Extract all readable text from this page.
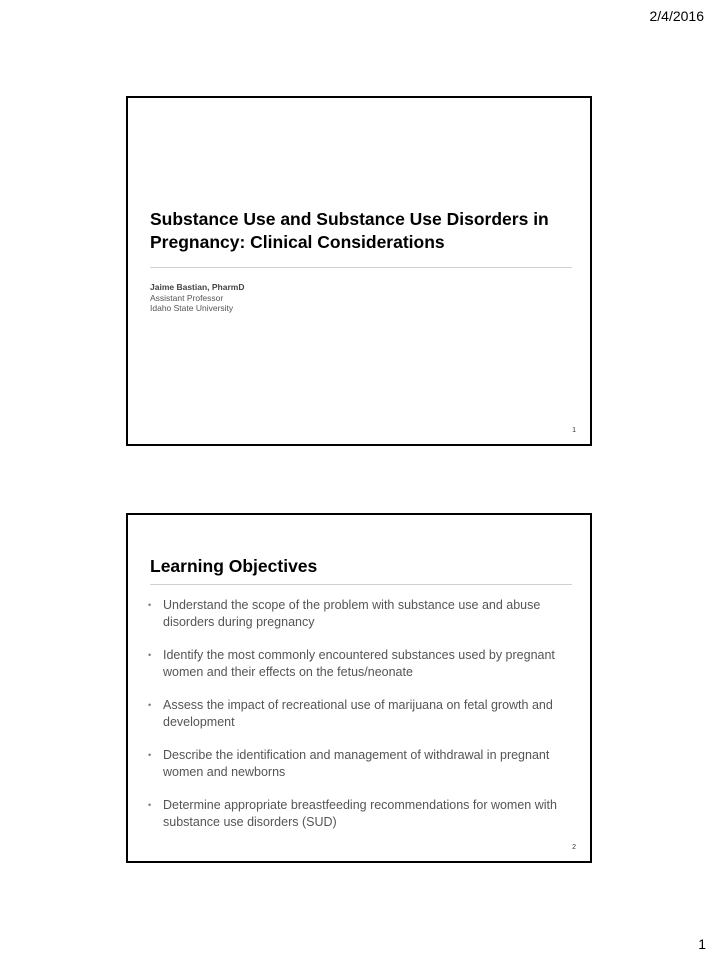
2/4/2016
Substance Use and Substance Use Disorders in Pregnancy: Clinical Considerations
Jaime Bastian, PharmD
Assistant Professor
Idaho State University
1
Learning Objectives
• Understand the scope of the problem with substance use and abuse disorders during pregnancy
• Identify the most commonly encountered substances used by pregnant women and their effects on the fetus/neonate
• Assess the impact of recreational use of marijuana on fetal growth and development
• Describe the identification and management of withdrawal in pregnant women and newborns
• Determine appropriate breastfeeding recommendations for women with substance use disorders (SUD)
2
1
